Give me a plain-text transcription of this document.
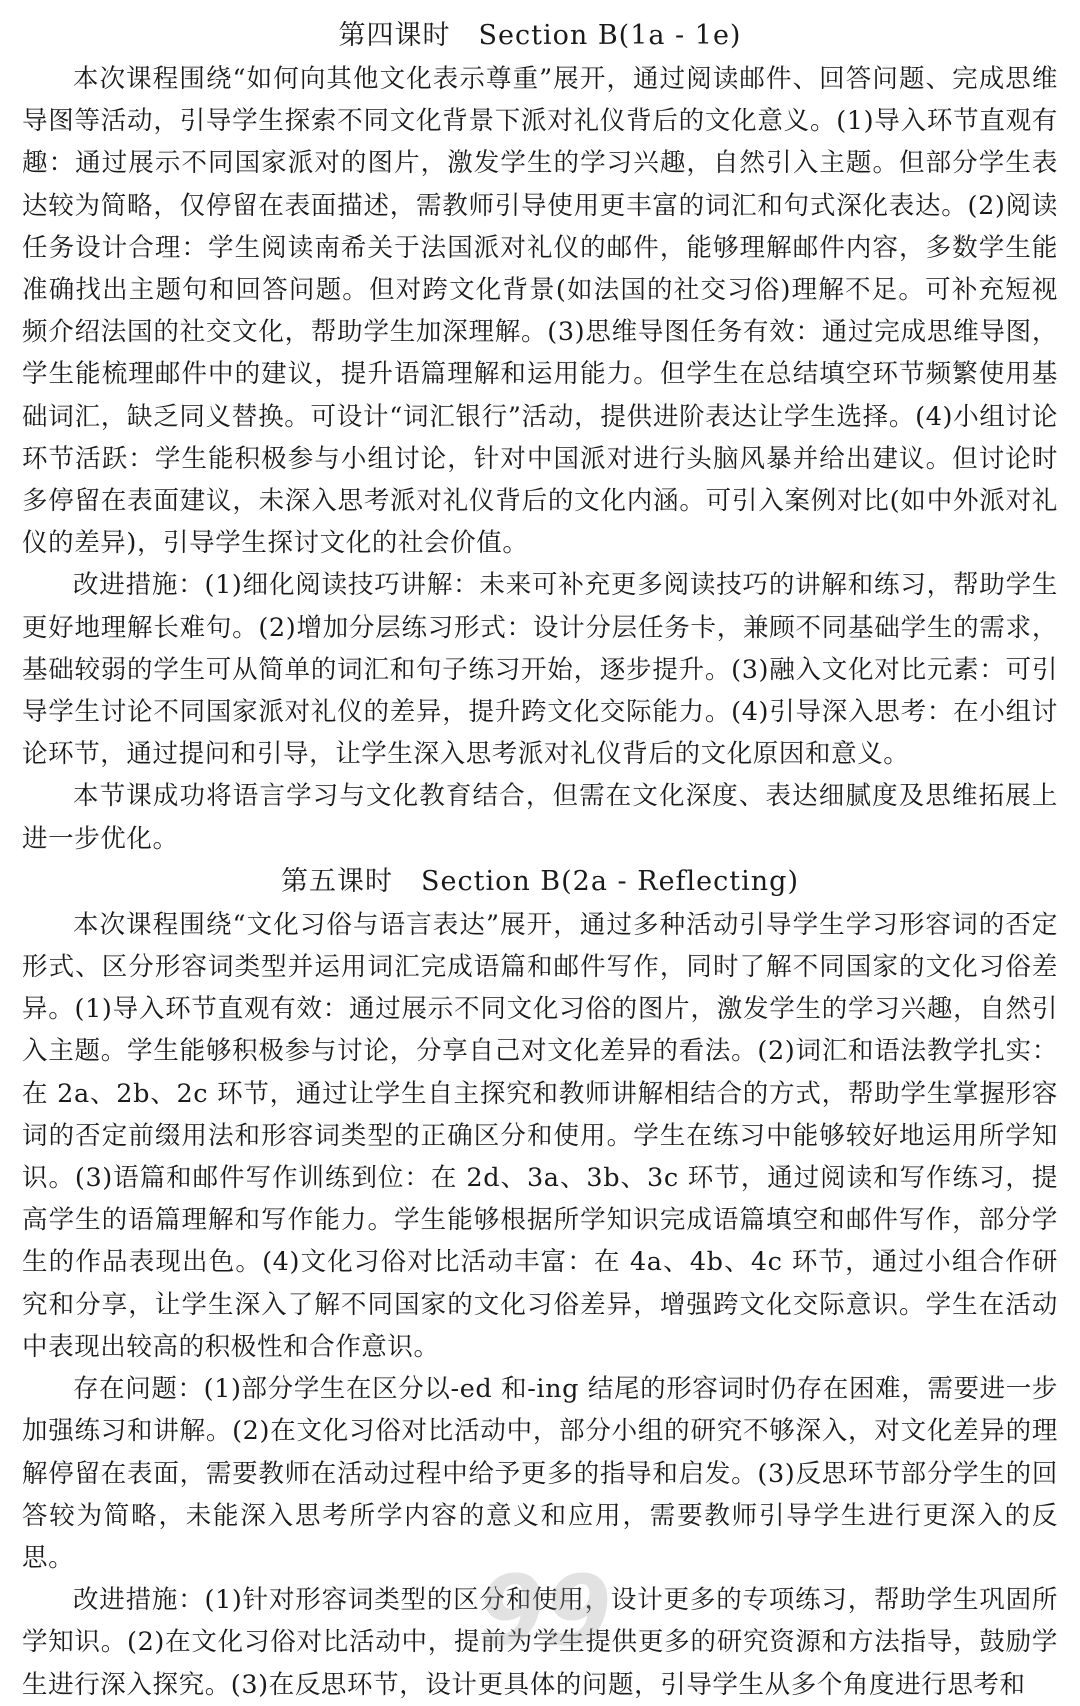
第四课时　Section B(1a - 1e)

本次课程围绕“如何向其他文化表示尊重”展开，通过阅读邮件、回答问题、完成思维导图等活动，引导学生探索不同文化背景下派对礼仪背后的文化意义。(1)导入环节直观有趣：通过展示不同国家派对的图片，激发学生的学习兴趣，自然引入主题。但部分学生表达较为简略，仅停留在表面描述，需教师引导使用更丰富的词汇和句式深化表达。(2)阅读任务设计合理：学生阅读南希关于法国派对礼仪的邮件，能够理解邮件内容，多数学生能准确找出主题句和回答问题。但对跨文化背景(如法国的社交习俗)理解不足。可补充短视频介绍法国的社交文化，帮助学生加深理解。(3)思维导图任务有效：通过完成思维导图，学生能梳理邮件中的建议，提升语篇理解和运用能力。但学生在总结填空环节频繁使用基础词汇，缺乏同义替换。可设计“词汇银行”活动，提供进阶表达让学生选择。(4)小组讨论环节活跃：学生能积极参与小组讨论，针对中国派对进行头脑风暴并给出建议。但讨论时多停留在表面建议，未深入思考派对礼仪背后的文化内涵。可引入案例对比(如中外派对礼仪的差异)，引导学生探讨文化的社会价值。

改进措施：(1)细化阅读技巧讲解：未来可补充更多阅读技巧的讲解和练习，帮助学生更好地理解长难句。(2)增加分层练习形式：设计分层任务卡，兼顾不同基础学生的需求，基础较弱的学生可从简单的词汇和句子练习开始，逐步提升。(3)融入文化对比元素：可引导学生讨论不同国家派对礼仪的差异，提升跨文化交际能力。(4)引导深入思考：在小组讨论环节，通过提问和引导，让学生深入思考派对礼仪背后的文化原因和意义。

本节课成功将语言学习与文化教育结合，但需在文化深度、表达细腻度及思维拓展上进一步优化。

第五课时　Section B(2a - Reflecting)

本次课程围绕“文化习俗与语言表达”展开，通过多种活动引导学生学习形容词的否定形式、区分形容词类型并运用词汇完成语篇和邮件写作，同时了解不同国家的文化习俗差异。(1)导入环节直观有效：通过展示不同文化习俗的图片，激发学生的学习兴趣，自然引入主题。学生能够积极参与讨论，分享自己对文化差异的看法。(2)词汇和语法教学扎实：在 2a、2b、2c 环节，通过让学生自主探究和教师讲解相结合的方式，帮助学生掌握形容词的否定前缀用法和形容词类型的正确区分和使用。学生在练习中能够较好地运用所学知识。(3)语篇和邮件写作训练到位：在 2d、3a、3b、3c 环节，通过阅读和写作练习，提高学生的语篇理解和写作能力。学生能够根据所学知识完成语篇填空和邮件写作，部分学生的作品表现出色。(4)文化习俗对比活动丰富：在 4a、4b、4c 环节，通过小组合作研究和分享，让学生深入了解不同国家的文化习俗差异，增强跨文化交际意识。学生在活动中表现出较高的积极性和合作意识。

存在问题：(1)部分学生在区分以-ed 和-ing 结尾的形容词时仍存在困难，需要进一步加强练习和讲解。(2)在文化习俗对比活动中，部分小组的研究不够深入，对文化差异的理解停留在表面，需要教师在活动过程中给予更多的指导和启发。(3)反思环节部分学生的回答较为简略，未能深入思考所学内容的意义和应用，需要教师引导学生进行更深入的反思。

改进措施：(1)针对形容词类型的区分和使用，设计更多的专项练习，帮助学生巩固所学知识。(2)在文化习俗对比活动中，提前为学生提供更多的研究资源和方法指导，鼓励学生进行深入探究。(3)在反思环节，设计更具体的问题，引导学生从多个角度进行思考和

99
